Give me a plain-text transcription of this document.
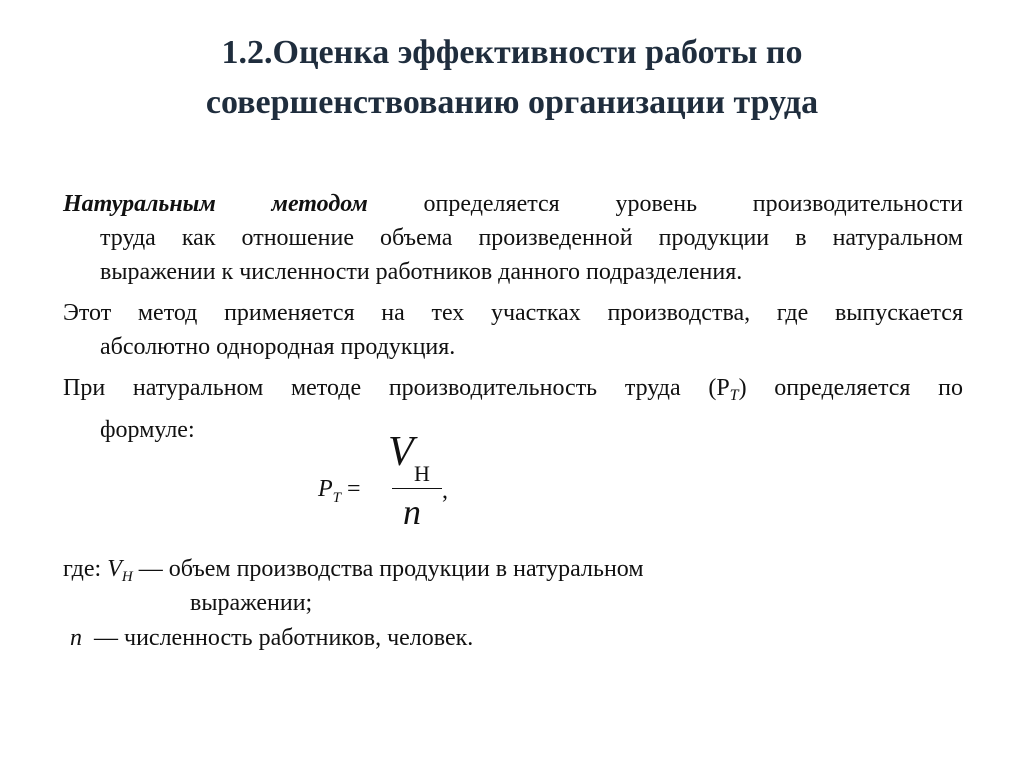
1.2.Оценка эффективности работы по
совершенствованию организации труда
Натуральным методом определяется уровень производительности
труда как отношение объема произведенной продукции в натуральном
выражении к численности работников данного подразделения.
Этот метод применяется на тех участках производства, где выпускается
абсолютно однородная продукция.
При натуральном методе производительность труда $(Р_Т)$ определяется по
формуле:
$P_T$ =
V Н
n
,
где: $V_Н$ — объем производства продукции в натуральном
выражении;
n — численность работников, человек.
